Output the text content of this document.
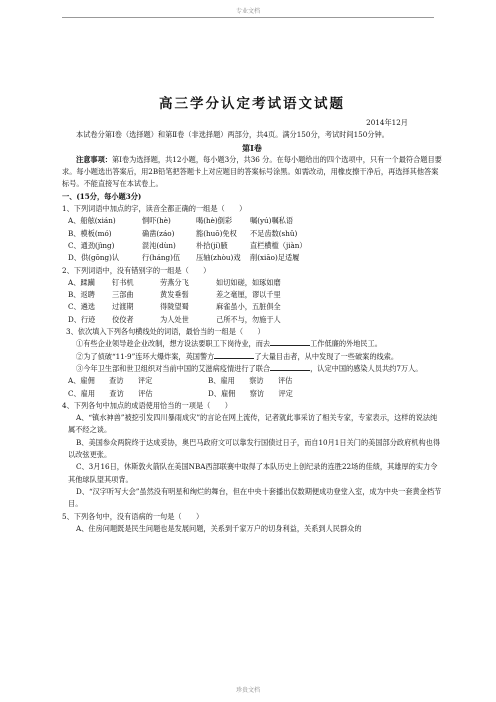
专业文档
高三学分认定考试语文试题
2014年12月
本试卷分第Ⅰ卷（选择题）和第Ⅱ卷（非选择题）两部分，共4页。满分150分，考试时间150分钟。
第Ⅰ卷
注意事项：第Ⅰ卷为选择题，共12小题，每小题3分，共36 分。在每小题给出的四个选项中，只有一个最符合题目要求。每小题选出答案后，用2B铅笔把答题卡上对应题目的答案标号涂黑。如需改动，用橡皮擦干净后，再选择其他答案标号。不能直接写在本试卷上。
一、(15分，每小题3分)
1、下列词语中加点的字，读音全都正确的一组是（　　）
A、船舷(xián)	恫吓(hè)	喝(hè)倒彩	嘱(yú)嘱私语
B、模板(mó)	确凿(záo)	豁(huō)免权	不足齿数(shǔ)
C、通劲(jìng)	混沌(dùn)	朴拾(jí)腋	直栏横槛（jiàn）
D、供(gōng)认	行(háng)伍	压轴(zhòu)戏	削(xiāo)足适履
2、下列词语中，没有错别字的一组是（　　）
A、蹂躏	钉书机	劳燕分飞	如切如磋，如琢如磨
B、返聘	三部曲	黄发垂髫	差之毫厘，谬以千里
C、遴选	过渡期	得陇望蜀	麻雀虽小，五脏俱全
D、行迹	佼佼者	为人处世	己所不与，勿施于人
3、依次填入下列各句横线处的词语，最恰当的一组是（　　）
①有些企业领导趁企业改制，想方设法要职工下岗待业，而去	工作低廉的外地民工。
②为了侦破“11·9”连环大爆炸案，英国警方	了大量目击者，从中发现了一些破案的线索。
③今年卫生部和世卫组织对当前中国的艾滋病疫情进行了联合	，认定中国的感染人员共约7万人。
A、雇佣　　查访　　评定	B、雇用　　察访　　评估
C、雇用　　查访　　评估	D、雇佣　　察访　　评定
4、下列各句中加点的成语使用恰当的一项是（　　）
A、“镇水神兽”被挖引发四川暴雨成灾”的言论在网上流传，记者就此事采访了相关专家，专家表示，这样的说法纯属不经之谈。
B、美国参众两院终于达成妥协，奥巴马政府文可以靠发行国债过日子，而自10月1日关门的美国部分政府机构也得以改弦更张。
C、3月16日，休斯敦火箭队在美国NBA西部联赛中取得了本队历史上创纪录的连胜22场的佳绩，其雄厚的实力令其他球队望其项背。
D、“汉字听写大会”虽然没有明星和绚烂的舞台，但在中央十套播出仅数期便成功登堂入室，成为中央一套黄金档节目。
5、下列各句中，没有语病的一句是（　　）
A、住房问题既是民生问题也是发展问题，关系到千家万户的切身利益，关系到人民群众的
珍贵文档
